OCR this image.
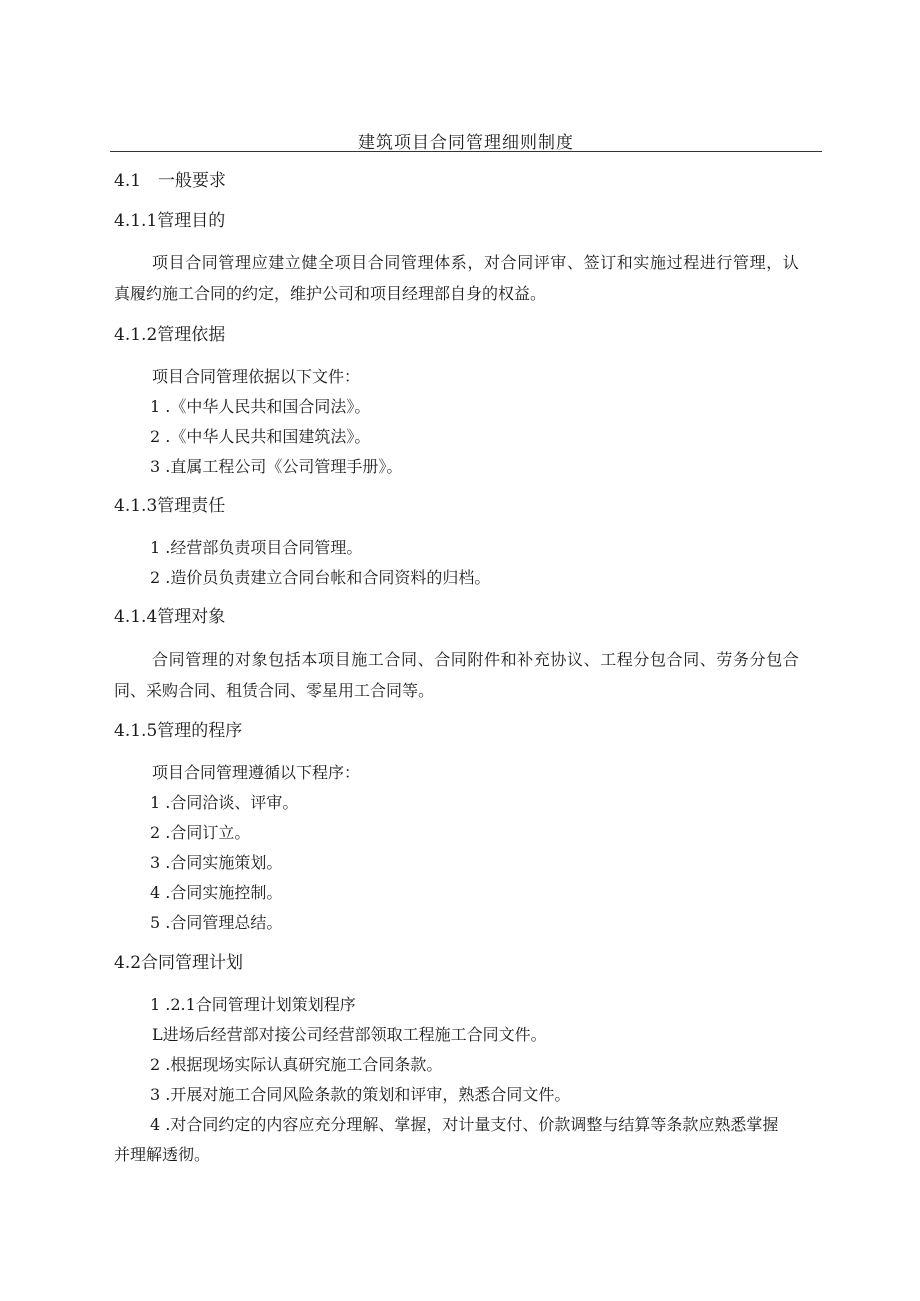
建筑项目合同管理细则制度
4.1　一般要求
4.1.1管理目的
项目合同管理应建立健全项目合同管理体系，对合同评审、签订和实施过程进行管理，认
真履约施工合同的约定，维护公司和项目经理部自身的权益。
4.1.2管理依据
项目合同管理依据以下文件：
1 .《中华人民共和国合同法》。
2 .《中华人民共和国建筑法》。
3 .直属工程公司《公司管理手册》。
4.1.3管理责任
1 .经营部负责项目合同管理。
2 .造价员负责建立合同台帐和合同资料的归档。
4.1.4管理对象
合同管理的对象包括本项目施工合同、合同附件和补充协议、工程分包合同、劳务分包合
同、采购合同、租赁合同、零星用工合同等。
4.1.5管理的程序
项目合同管理遵循以下程序：
1 .合同洽谈、评审。
2 .合同订立。
3 .合同实施策划。
4 .合同实施控制。
5 .合同管理总结。
4.2合同管理计划
1 .2.1合同管理计划策划程序
L进场后经营部对接公司经营部领取工程施工合同文件。
2 .根据现场实际认真研究施工合同条款。
3 .开展对施工合同风险条款的策划和评审，熟悉合同文件。
4 .对合同约定的内容应充分理解、掌握，对计量支付、价款调整与结算等条款应熟悉掌握
并理解透彻。
